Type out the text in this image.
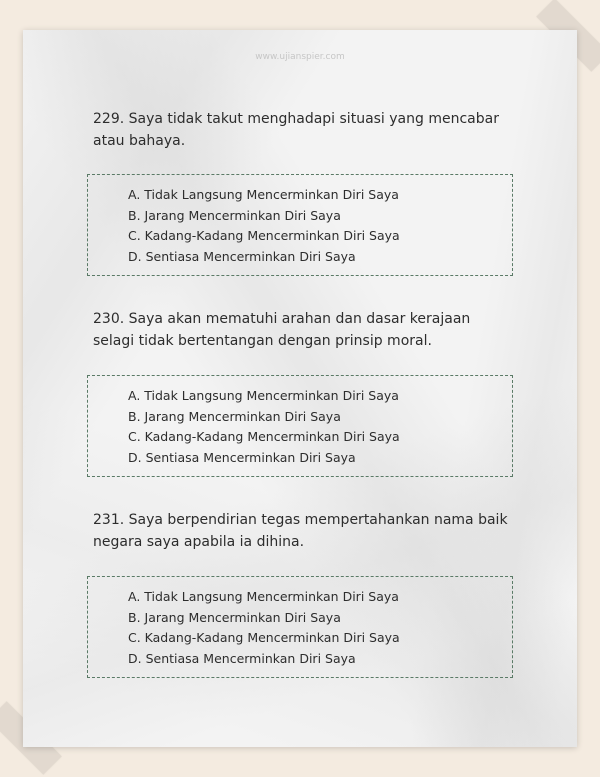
www.ujianspier.com
229. Saya tidak takut menghadapi situasi yang mencabar
atau bahaya.
A. Tidak Langsung Mencerminkan Diri Saya
B. Jarang Mencerminkan Diri Saya
C. Kadang-Kadang Mencerminkan Diri Saya
D. Sentiasa Mencerminkan Diri Saya
230. Saya akan mematuhi arahan dan dasar kerajaan
selagi tidak bertentangan dengan prinsip moral.
A. Tidak Langsung Mencerminkan Diri Saya
B. Jarang Mencerminkan Diri Saya
C. Kadang-Kadang Mencerminkan Diri Saya
D. Sentiasa Mencerminkan Diri Saya
231. Saya berpendirian tegas mempertahankan nama baik
negara saya apabila ia dihina.
A. Tidak Langsung Mencerminkan Diri Saya
B. Jarang Mencerminkan Diri Saya
C. Kadang-Kadang Mencerminkan Diri Saya
D. Sentiasa Mencerminkan Diri Saya
